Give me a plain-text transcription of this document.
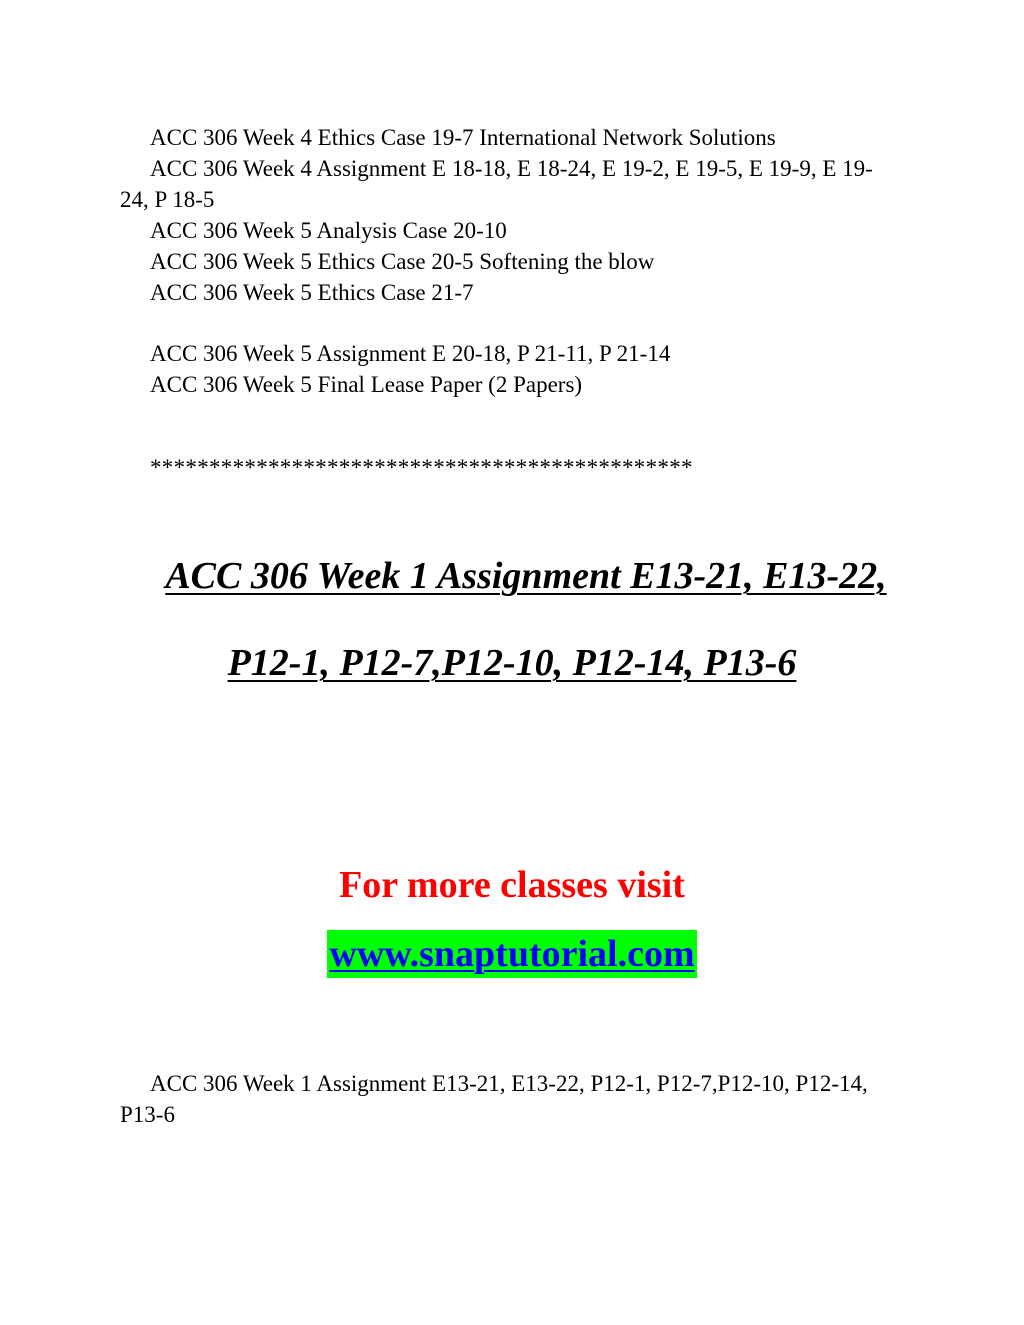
ACC 306 Week 4 Ethics Case 19-7 International Network Solutions

ACC 306 Week 4 Assignment E 18-18, E 18-24, E 19-2, E 19-5, E 19-9, E 19-24, P 18-5

ACC 306 Week 5 Analysis Case 20-10

ACC 306 Week 5 Ethics Case 20-5 Softening the blow

ACC 306 Week 5 Ethics Case 21-7

ACC 306 Week 5 Assignment E 20-18, P 21-11, P 21-14

ACC 306 Week 5 Final Lease Paper (2 Papers)

**********************************************
ACC 306 Week 1 Assignment E13-21, E13-22,
P12-1, P12-7,P12-10, P12-14, P13-6
For more classes visit
www.snaptutorial.com

ACC 306 Week 1 Assignment E13-21, E13-22, P12-1, P12-7,P12-10, P12-14, P13-6
